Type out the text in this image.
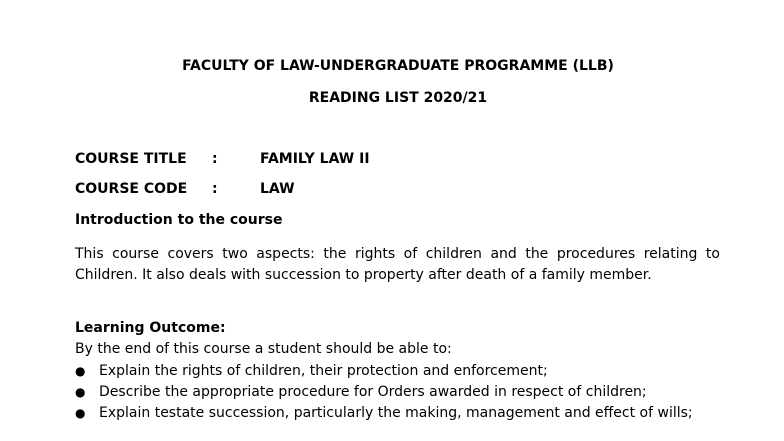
FACULTY OF LAW-UNDERGRADUATE PROGRAMME (LLB)
READING LIST 2020/21
COURSE TITLE :	FAMILY LAW II
COURSE CODE :	LAW
Introduction to the course
This course covers two aspects: the rights of children and the procedures relating to Children. It also deals with succession to property after death of a family member.
Learning Outcome:
By the end of this course a student should be able to:
● Explain the rights of children, their protection and enforcement;
● Describe the appropriate procedure for Orders awarded in respect of children;
● Explain testate succession, particularly the making, management and effect of wills;
